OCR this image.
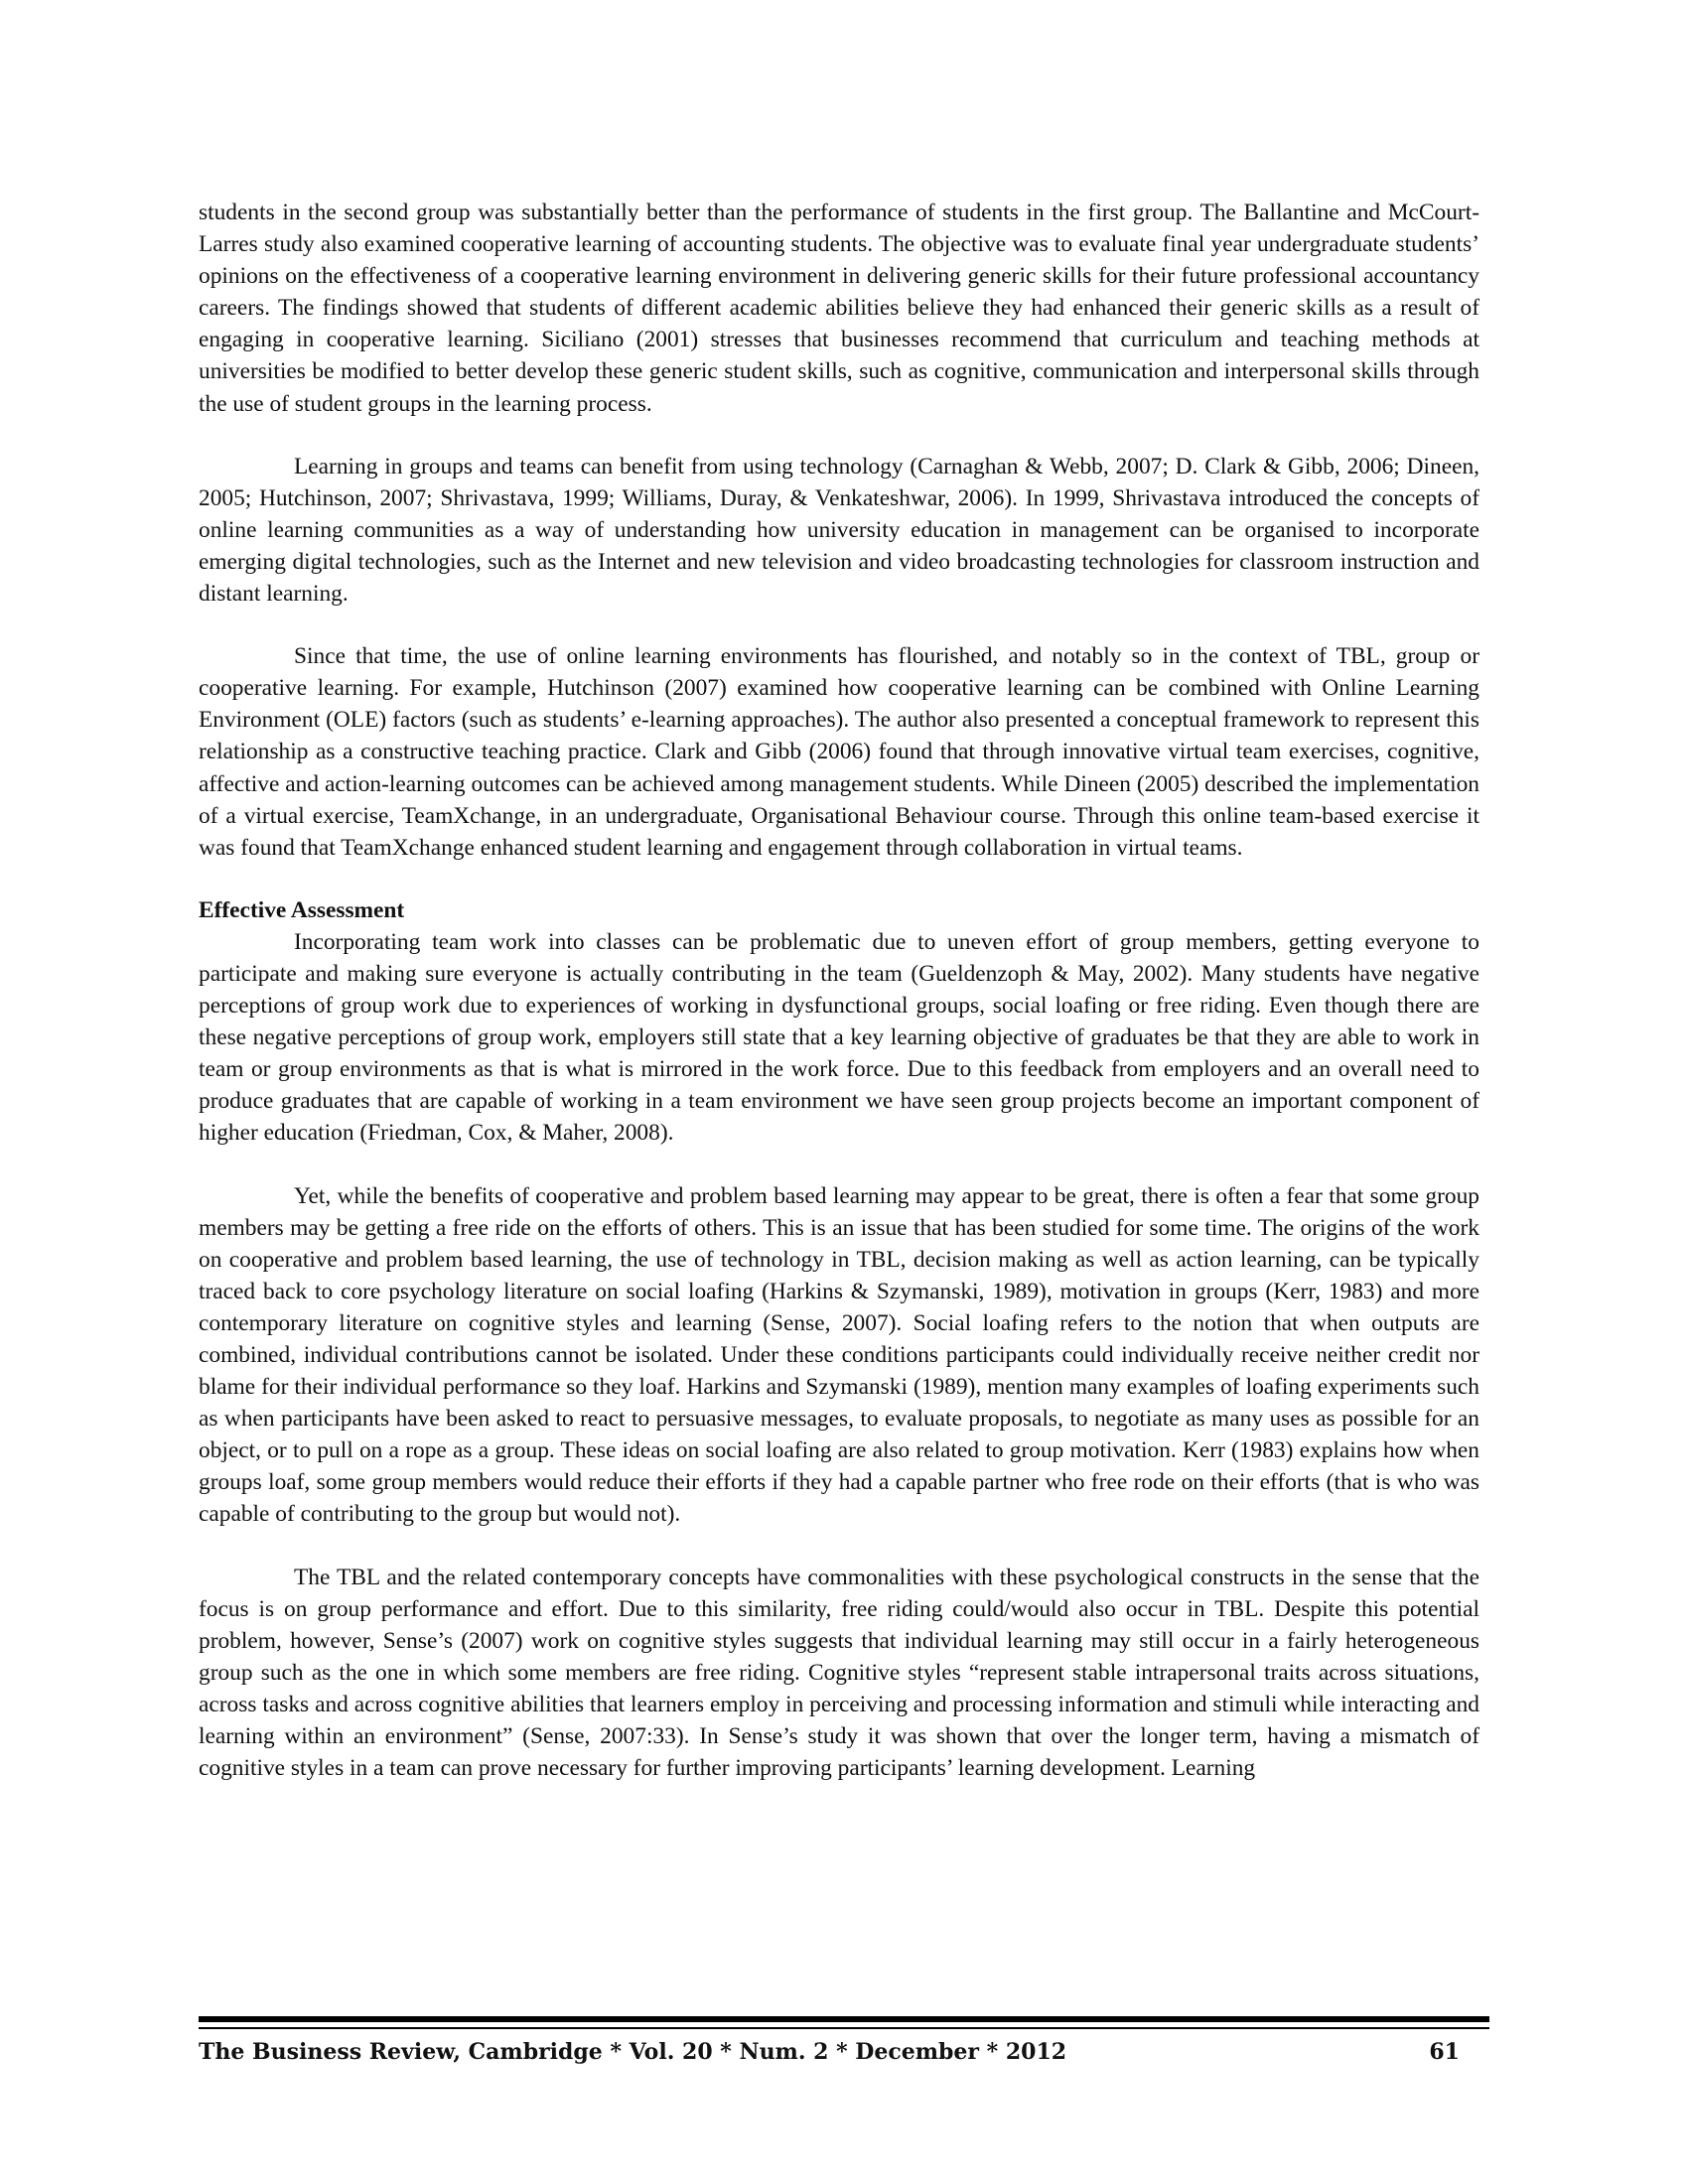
students in the second group was substantially better than the performance of students in the first group. The Ballantine and McCourt-Larres study also examined cooperative learning of accounting students. The objective was to evaluate final year undergraduate students’ opinions on the effectiveness of a cooperative learning environment in delivering generic skills for their future professional accountancy careers. The findings showed that students of different academic abilities believe they had enhanced their generic skills as a result of engaging in cooperative learning. Siciliano (2001) stresses that businesses recommend that curriculum and teaching methods at universities be modified to better develop these generic student skills, such as cognitive, communication and interpersonal skills through the use of student groups in the learning process.

Learning in groups and teams can benefit from using technology (Carnaghan & Webb, 2007; D. Clark & Gibb, 2006; Dineen, 2005; Hutchinson, 2007; Shrivastava, 1999; Williams, Duray, & Venkateshwar, 2006). In 1999, Shrivastava introduced the concepts of online learning communities as a way of understanding how university education in management can be organised to incorporate emerging digital technologies, such as the Internet and new television and video broadcasting technologies for classroom instruction and distant learning.

Since that time, the use of online learning environments has flourished, and notably so in the context of TBL, group or cooperative learning. For example, Hutchinson (2007) examined how cooperative learning can be combined with Online Learning Environment (OLE) factors (such as students’ e-learning approaches). The author also presented a conceptual framework to represent this relationship as a constructive teaching practice. Clark and Gibb (2006) found that through innovative virtual team exercises, cognitive, affective and action-learning outcomes can be achieved among management students. While Dineen (2005) described the implementation of a virtual exercise, TeamXchange, in an undergraduate, Organisational Behaviour course. Through this online team-based exercise it was found that TeamXchange enhanced student learning and engagement through collaboration in virtual teams.

Effective Assessment

Incorporating team work into classes can be problematic due to uneven effort of group members, getting everyone to participate and making sure everyone is actually contributing in the team (Gueldenzoph & May, 2002). Many students have negative perceptions of group work due to experiences of working in dysfunctional groups, social loafing or free riding. Even though there are these negative perceptions of group work, employers still state that a key learning objective of graduates be that they are able to work in team or group environments as that is what is mirrored in the work force. Due to this feedback from employers and an overall need to produce graduates that are capable of working in a team environment we have seen group projects become an important component of higher education (Friedman, Cox, & Maher, 2008).

Yet, while the benefits of cooperative and problem based learning may appear to be great, there is often a fear that some group members may be getting a free ride on the efforts of others. This is an issue that has been studied for some time. The origins of the work on cooperative and problem based learning, the use of technology in TBL, decision making as well as action learning, can be typically traced back to core psychology literature on social loafing (Harkins & Szymanski, 1989), motivation in groups (Kerr, 1983) and more contemporary literature on cognitive styles and learning (Sense, 2007). Social loafing refers to the notion that when outputs are combined, individual contributions cannot be isolated. Under these conditions participants could individually receive neither credit nor blame for their individual performance so they loaf. Harkins and Szymanski (1989), mention many examples of loafing experiments such as when participants have been asked to react to persuasive messages, to evaluate proposals, to negotiate as many uses as possible for an object, or to pull on a rope as a group. These ideas on social loafing are also related to group motivation. Kerr (1983) explains how when groups loaf, some group members would reduce their efforts if they had a capable partner who free rode on their efforts (that is who was capable of contributing to the group but would not).

The TBL and the related contemporary concepts have commonalities with these psychological constructs in the sense that the focus is on group performance and effort. Due to this similarity, free riding could/would also occur in TBL. Despite this potential problem, however, Sense’s (2007) work on cognitive styles suggests that individual learning may still occur in a fairly heterogeneous group such as the one in which some members are free riding. Cognitive styles “represent stable intrapersonal traits across situations, across tasks and across cognitive abilities that learners employ in perceiving and processing information and stimuli while interacting and learning within an environment” (Sense, 2007:33). In Sense’s study it was shown that over the longer term, having a mismatch of cognitive styles in a team can prove necessary for further improving participants’ learning development. Learning

The Business Review, Cambridge * Vol. 20 * Num. 2 * December * 2012	61
